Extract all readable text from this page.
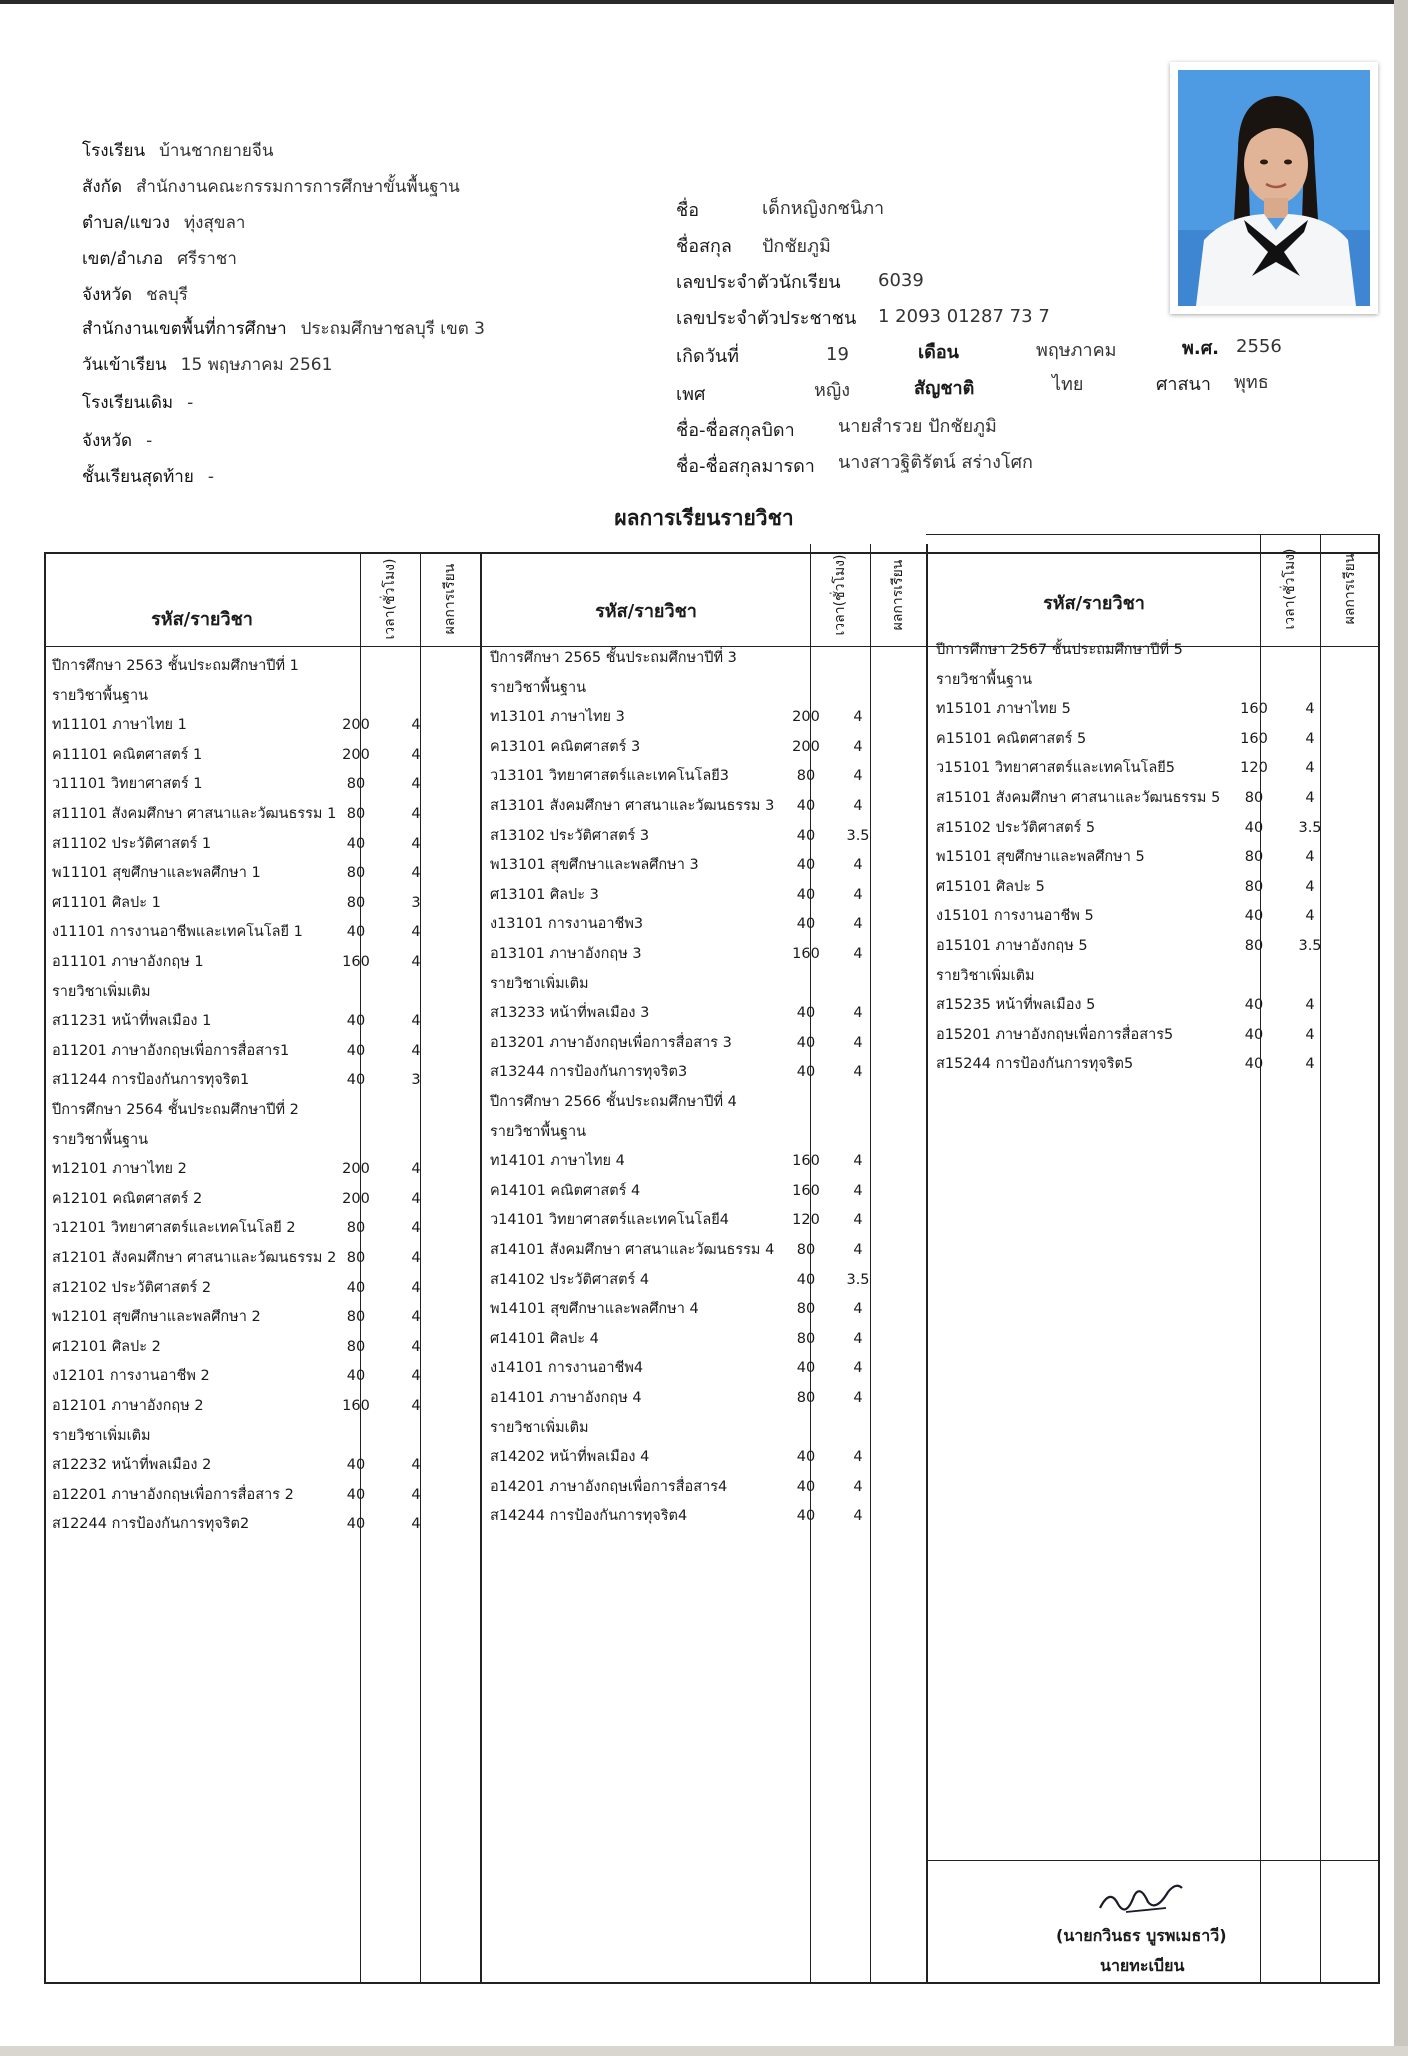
โรงเรียน บ้านชากยายจีน
สังกัด สำนักงานคณะกรรมการการศึกษาขั้นพื้นฐาน
ตำบล/แขวง ทุ่งสุขลา
เขต/อำเภอ ศรีราชา
จังหวัด ชลบุรี
สำนักงานเขตพื้นที่การศึกษา ประถมศึกษาชลบุรี เขต 3
วันเข้าเรียน 15 พฤษภาคม 2561
โรงเรียนเดิม -
จังหวัด -
ชั้นเรียนสุดท้าย -
ชื่อ	เด็กหญิงกชนิภา
ชื่อสกุล ปักชัยภูมิ
เลขประจำตัวนักเรียน 6039
เลขประจำตัวประชาชน 1 2093 01287 73 7
เกิดวันที่	19	เดือน	พฤษภาคม	พ.ศ. 2556
เพศ	หญิง	สัญชาติ	ไทย	ศาสนา พุทธ
ชื่อ-ชื่อสกุลบิดา นายสำรวย ปักชัยภูมิ
ชื่อ-ชื่อสกุลมารดา นางสาวฐิติรัตน์ สร่างโศก
ผลการเรียนรายวิชา
รหัส/รายวิชา	เวลา(ชั่วโมง)	ผลการเรียน	รหัส/รายวิชา	เวลา(ชั่วโมง)	ผลการเรียน	รหัส/รายวิชา	เวลา(ชั่วโมง)	ผลการเรียน
ปีการศึกษา 2563 ชั้นประถมศึกษาปีที่ 1
รายวิชาพื้นฐาน
ท11101 ภาษาไทย 1	200	4
ค11101 คณิตศาสตร์ 1	200	4
ว11101 วิทยาศาสตร์ 1	80	4
ส11101 สังคมศึกษา ศาสนาและวัฒนธรรม 1 80	4
ส11102 ประวัติศาสตร์ 1	40	4
พ11101 สุขศึกษาและพลศึกษา 1	80	4
ศ11101 ศิลปะ 1	80	3
ง11101 การงานอาชีพและเทคโนโลยี 1	40	4
อ11101 ภาษาอังกฤษ 1	160	4
รายวิชาเพิ่มเติม
ส11231 หน้าที่พลเมือง 1	40	4
อ11201 ภาษาอังกฤษเพื่อการสื่อสาร1	40	4
ส11244 การป้องกันการทุจริต1	40	3
ปีการศึกษา 2564 ชั้นประถมศึกษาปีที่ 2
รายวิชาพื้นฐาน
ท12101 ภาษาไทย 2	200	4
ค12101 คณิตศาสตร์ 2	200	4
ว12101 วิทยาศาสตร์และเทคโนโลยี 2	80	4
ส12101 สังคมศึกษา ศาสนาและวัฒนธรรม 2 80	4
ส12102 ประวัติศาสตร์ 2	40	4
พ12101 สุขศึกษาและพลศึกษา 2	80	4
ศ12101 ศิลปะ 2	80	4
ง12101 การงานอาชีพ 2	40	4
อ12101 ภาษาอังกฤษ 2	160	4
รายวิชาเพิ่มเติม
ส12232 หน้าที่พลเมือง 2	40	4
อ12201 ภาษาอังกฤษเพื่อการสื่อสาร 2	40	4
ส12244 การป้องกันการทุจริต2	40	4
ปีการศึกษา 2565 ชั้นประถมศึกษาปีที่ 3
รายวิชาพื้นฐาน
ท13101 ภาษาไทย 3	200	4
ค13101 คณิตศาสตร์ 3	200	4
ว13101 วิทยาศาสตร์และเทคโนโลยี3	80	4
ส13101 สังคมศึกษา ศาสนาและวัฒนธรรม 3	40	4
ส13102 ประวัติศาสตร์ 3	40	3.5
พ13101 สุขศึกษาและพลศึกษา 3	40	4
ศ13101 ศิลปะ 3	40	4
ง13101 การงานอาชีพ3	40	4
อ13101 ภาษาอังกฤษ 3	160	4
รายวิชาเพิ่มเติม
ส13233 หน้าที่พลเมือง 3	40	4
อ13201 ภาษาอังกฤษเพื่อการสื่อสาร 3	40	4
ส13244 การป้องกันการทุจริต3	40	4
ปีการศึกษา 2566 ชั้นประถมศึกษาปีที่ 4
รายวิชาพื้นฐาน
ท14101 ภาษาไทย 4	160	4
ค14101 คณิตศาสตร์ 4	160	4
ว14101 วิทยาศาสตร์และเทคโนโลยี4	120	4
ส14101 สังคมศึกษา ศาสนาและวัฒนธรรม 4	80	4
ส14102 ประวัติศาสตร์ 4	40	3.5
พ14101 สุขศึกษาและพลศึกษา 4	80	4
ศ14101 ศิลปะ 4	80	4
ง14101 การงานอาชีพ4	40	4
อ14101 ภาษาอังกฤษ 4	80	4
รายวิชาเพิ่มเติม
ส14202 หน้าที่พลเมือง 4	40	4
อ14201 ภาษาอังกฤษเพื่อการสื่อสาร4	40	4
ส14244 การป้องกันการทุจริต4	40	4
ปีการศึกษา 2567 ชั้นประถมศึกษาปีที่ 5
รายวิชาพื้นฐาน
ท15101 ภาษาไทย 5	160	4
ค15101 คณิตศาสตร์ 5	160	4
ว15101 วิทยาศาสตร์และเทคโนโลยี5	120	4
ส15101 สังคมศึกษา ศาสนาและวัฒนธรรม 5	80	4
ส15102 ประวัติศาสตร์ 5	40	3.5
พ15101 สุขศึกษาและพลศึกษา 5	80	4
ศ15101 ศิลปะ 5	80	4
ง15101 การงานอาชีพ 5	40	4
อ15101 ภาษาอังกฤษ 5	80	3.5
รายวิชาเพิ่มเติม
ส15235 หน้าที่พลเมือง 5	40	4
อ15201 ภาษาอังกฤษเพื่อการสื่อสาร5	40	4
ส15244 การป้องกันการทุจริต5	40	4
(นายกวินธร บูรพเมธาวี)
นายทะเบียน
